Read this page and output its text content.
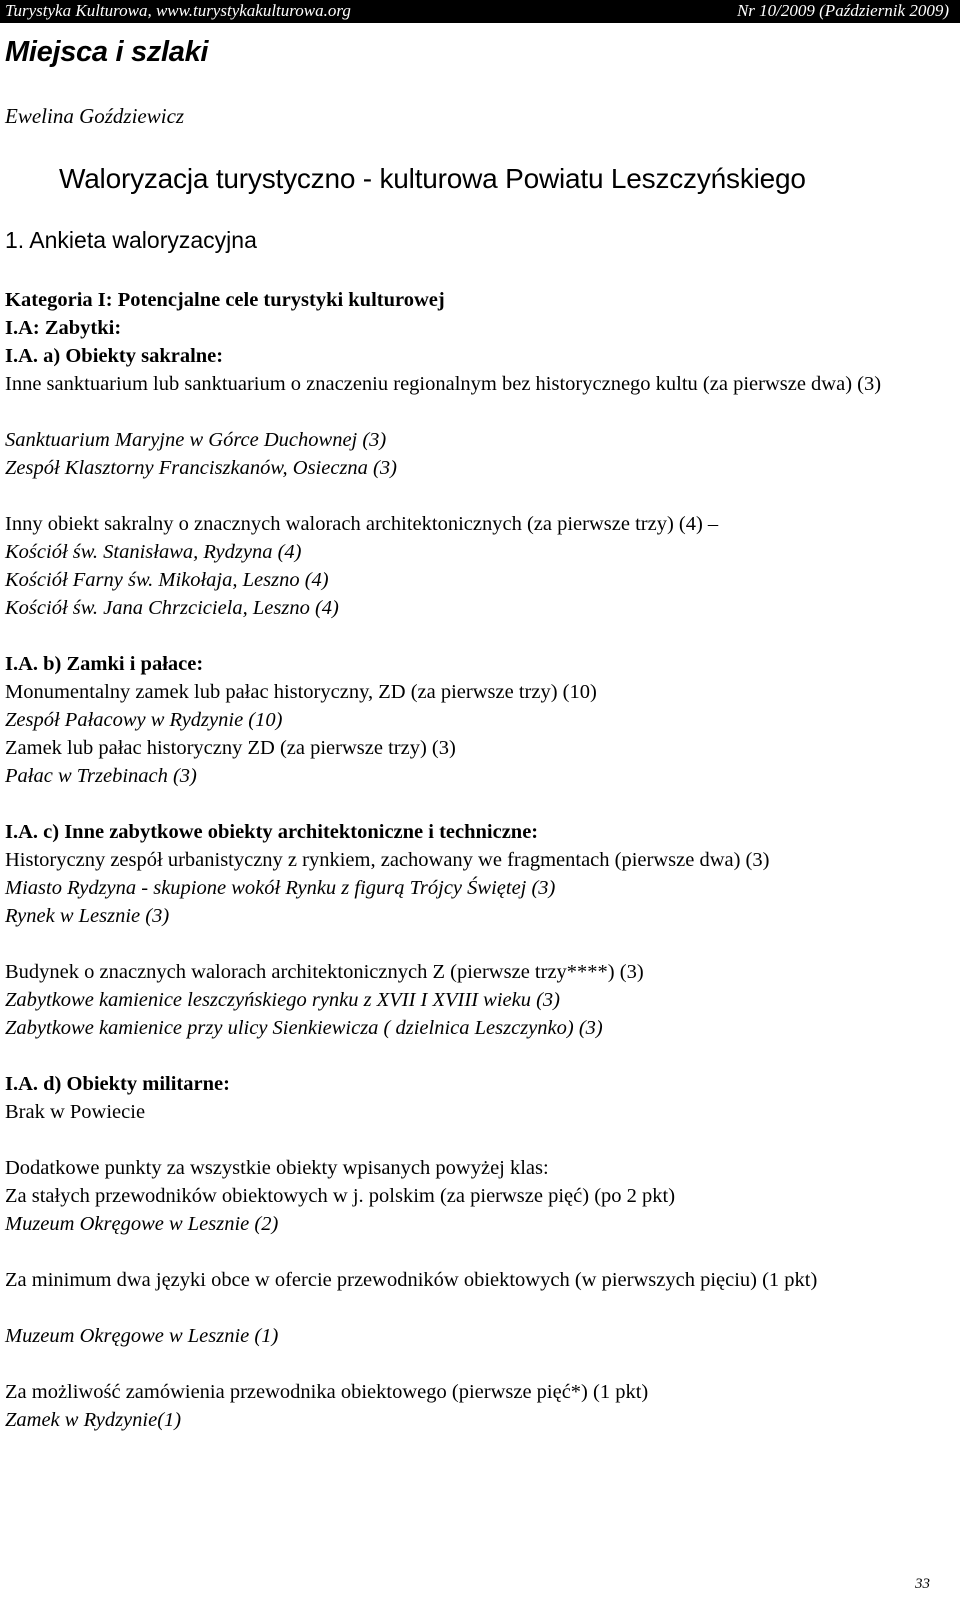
Turystyka Kulturowa, www.turystykakulturowa.org	Nr 10/2009 (Październik 2009)
Miejsca i szlaki
Ewelina Goździewicz
Waloryzacja turystyczno - kulturowa Powiatu Leszczyńskiego
1. Ankieta waloryzacyjna
Kategoria I: Potencjalne cele turystyki kulturowej
I.A: Zabytki:
I.A. a) Obiekty sakralne:
Inne sanktuarium lub sanktuarium o znaczeniu regionalnym bez historycznego kultu (za pierwsze dwa) (3)
Sanktuarium Maryjne w Górce Duchownej (3)
Zespół Klasztorny Franciszkanów, Osieczna (3)
Inny obiekt sakralny o znacznych walorach architektonicznych (za pierwsze trzy) (4) –
Kościół św. Stanisława, Rydzyna (4)
Kościół Farny św. Mikołaja, Leszno (4)
Kościół św. Jana Chrzciciela, Leszno (4)
I.A. b) Zamki i pałace:
Monumentalny zamek lub pałac historyczny, ZD (za pierwsze trzy) (10)
Zespół Pałacowy w Rydzynie (10)
Zamek lub pałac historyczny ZD (za pierwsze trzy) (3)
Pałac w Trzebinach (3)
I.A. c) Inne zabytkowe obiekty architektoniczne i techniczne:
Historyczny zespół urbanistyczny z rynkiem, zachowany we fragmentach (pierwsze dwa) (3)
Miasto Rydzyna - skupione wokół Rynku z figurą Trójcy Świętej (3)
Rynek w Lesznie (3)
Budynek o znacznych walorach architektonicznych Z (pierwsze trzy****) (3)
Zabytkowe kamienice leszczyńskiego rynku z XVII I XVIII wieku (3)
Zabytkowe kamienice przy ulicy Sienkiewicza ( dzielnica Leszczynko) (3)
I.A. d) Obiekty militarne:
Brak w Powiecie
Dodatkowe punkty za wszystkie obiekty wpisanych powyżej klas:
Za stałych przewodników obiektowych w j. polskim (za pierwsze pięć) (po 2 pkt)
Muzeum Okręgowe w Lesznie (2)
Za minimum dwa języki obce w ofercie przewodników obiektowych (w pierwszych pięciu) (1 pkt)
Muzeum Okręgowe w Lesznie (1)
Za możliwość zamówienia przewodnika obiektowego (pierwsze pięć*) (1 pkt)
Zamek w Rydzynie(1)
33
